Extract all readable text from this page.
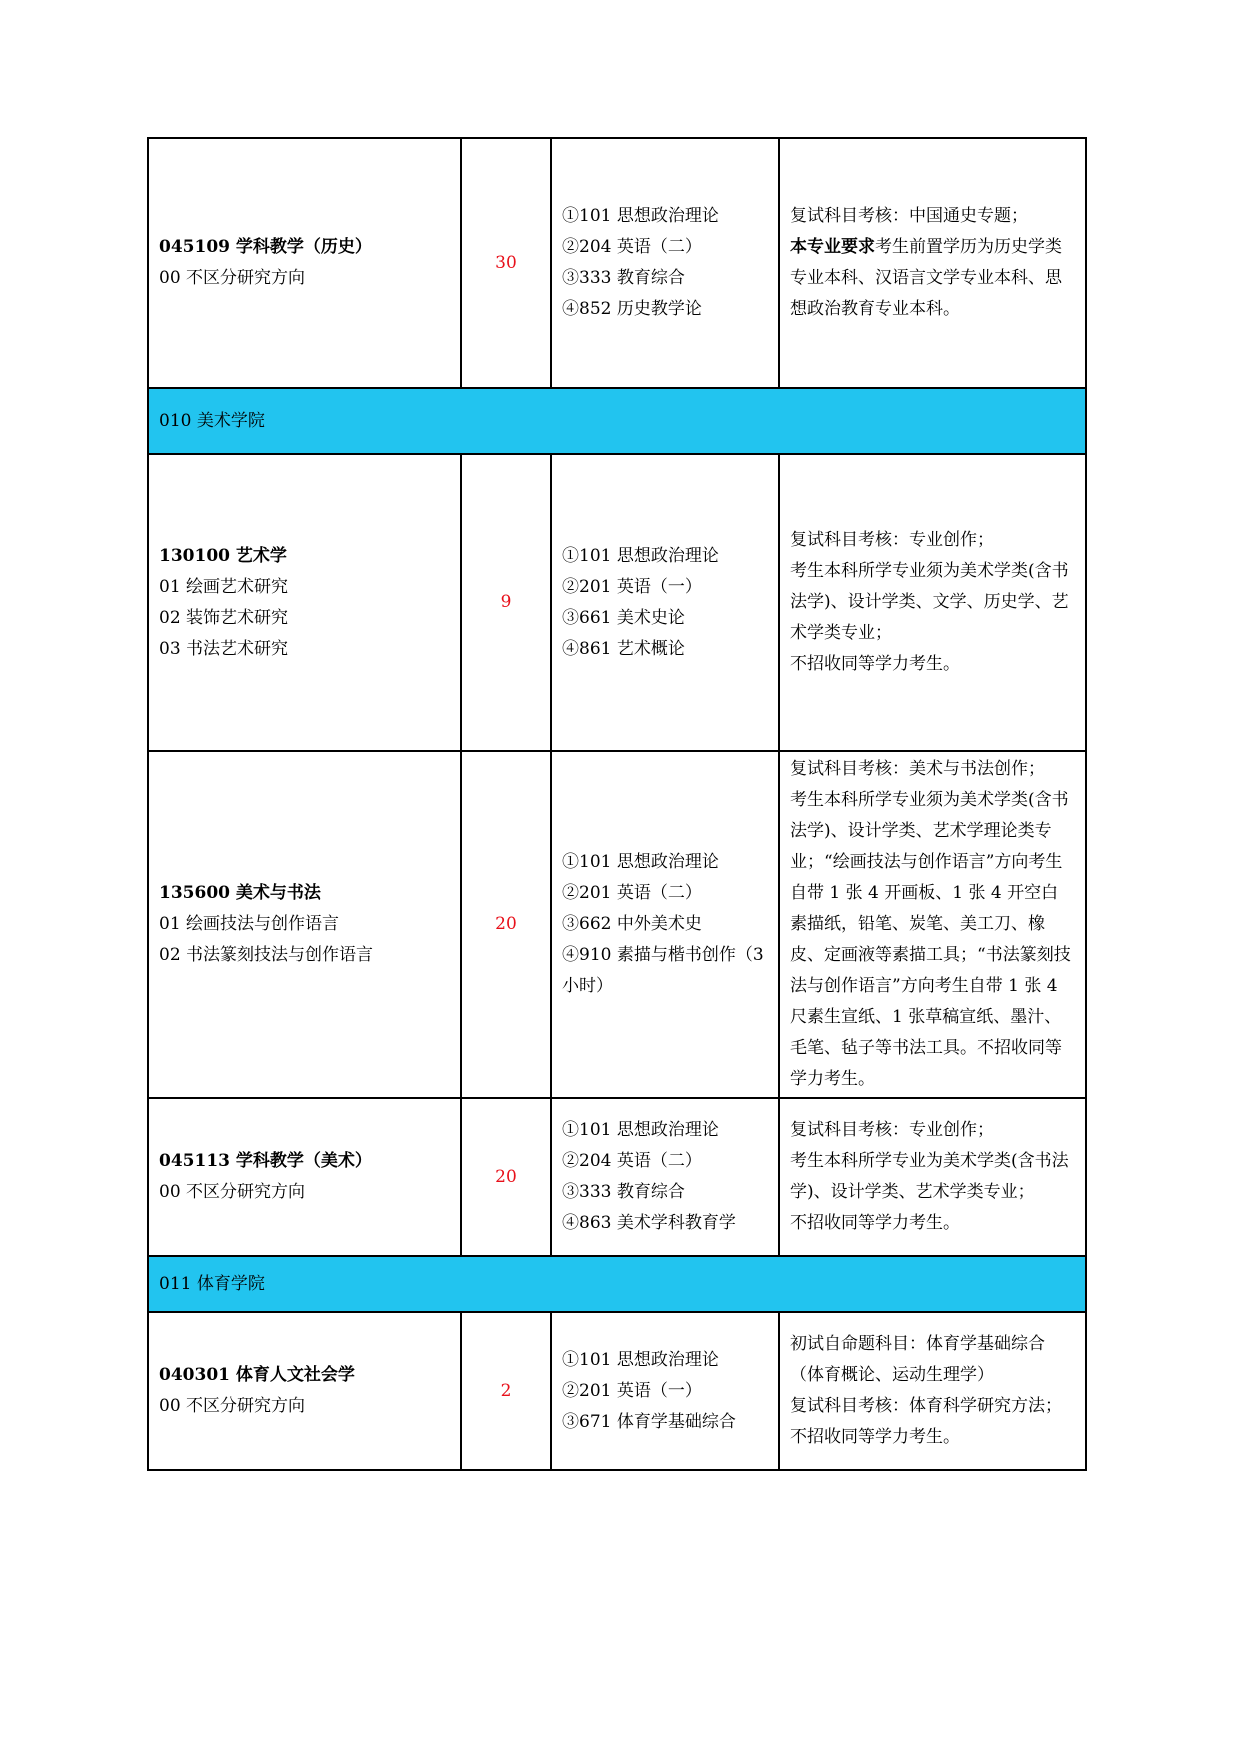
045109 学科教学（历史）
00 不区分研究方向	30	①101 思想政治理论
②204 英语（二）
③333 教育综合
④852 历史教学论	复试科目考核：中国通史专题；
本专业要求考生前置学历为历史学类专业本科、汉语言文学专业本科、思想政治教育专业本科。

010 美术学院			

130100 艺术学
01 绘画艺术研究
02 装饰艺术研究
03 书法艺术研究	9	①101 思想政治理论
②201 英语（一）
③661 美术史论
④861 艺术概论	复试科目考核：专业创作；
考生本科所学专业须为美术学类(含书法学)、设计学类、文学、历史学、艺术学类专业；
不招收同等学力考生。

135600 美术与书法
01 绘画技法与创作语言
02 书法篆刻技法与创作语言	20	①101 思想政治理论
②201 英语（二）
③662 中外美术史
④910 素描与楷书创作（3小时）	复试科目考核：美术与书法创作；
考生本科所学专业须为美术学类(含书法学)、设计学类、艺术学理论类专业；“绘画技法与创作语言”方向考生自带 1 张 4 开画板、1 张 4 开空白素描纸，铅笔、炭笔、美工刀、橡皮、定画液等素描工具；“书法篆刻技法与创作语言”方向考生自带 1 张 4 尺素生宣纸、1 张草稿宣纸、墨汁、毛笔、毡子等书法工具。不招收同等学力考生。

045113 学科教学（美术）
00 不区分研究方向	20	①101 思想政治理论
②204 英语（二）
③333 教育综合
④863 美术学科教育学	复试科目考核：专业创作；
考生本科所学专业为美术学类(含书法学)、设计学类、艺术学类专业；
不招收同等学力考生。

011 体育学院			

040301 体育人文社会学
00 不区分研究方向	2	①101 思想政治理论
②201 英语（一）
③671 体育学基础综合	初试自命题科目：体育学基础综合（体育概论、运动生理学）
复试科目考核：体育科学研究方法；
不招收同等学力考生。
